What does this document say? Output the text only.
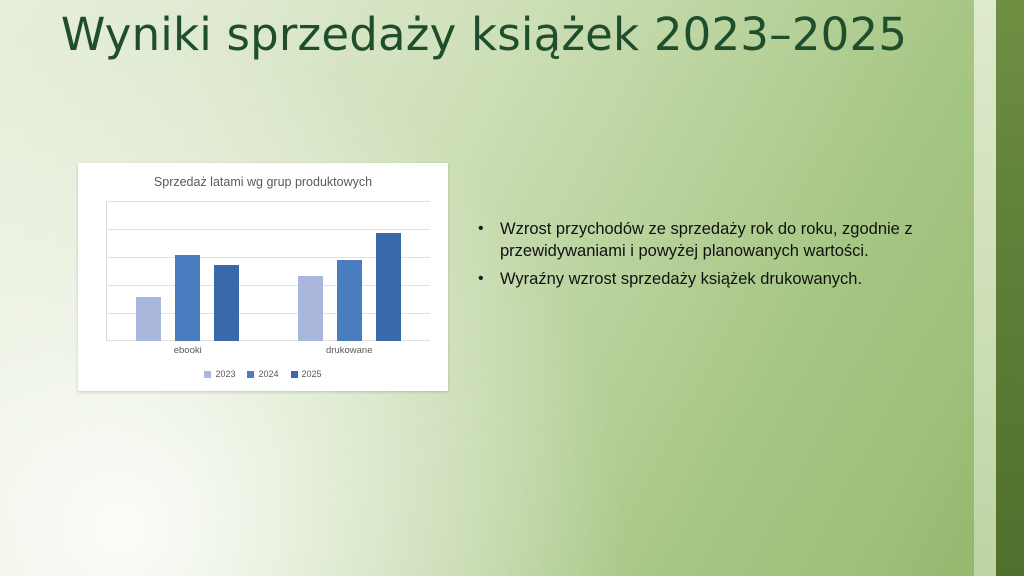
Wyniki sprzedaży książek 2023–2025
Sprzedaż latami wg grup produktowych
ebooki	drukowane
2023	2024	2025
• Wzrost przychodów ze sprzedaży rok do roku, zgodnie z przewidywaniami i powyżej planowanych wartości.
• Wyraźny wzrost sprzedaży książek drukowanych.
